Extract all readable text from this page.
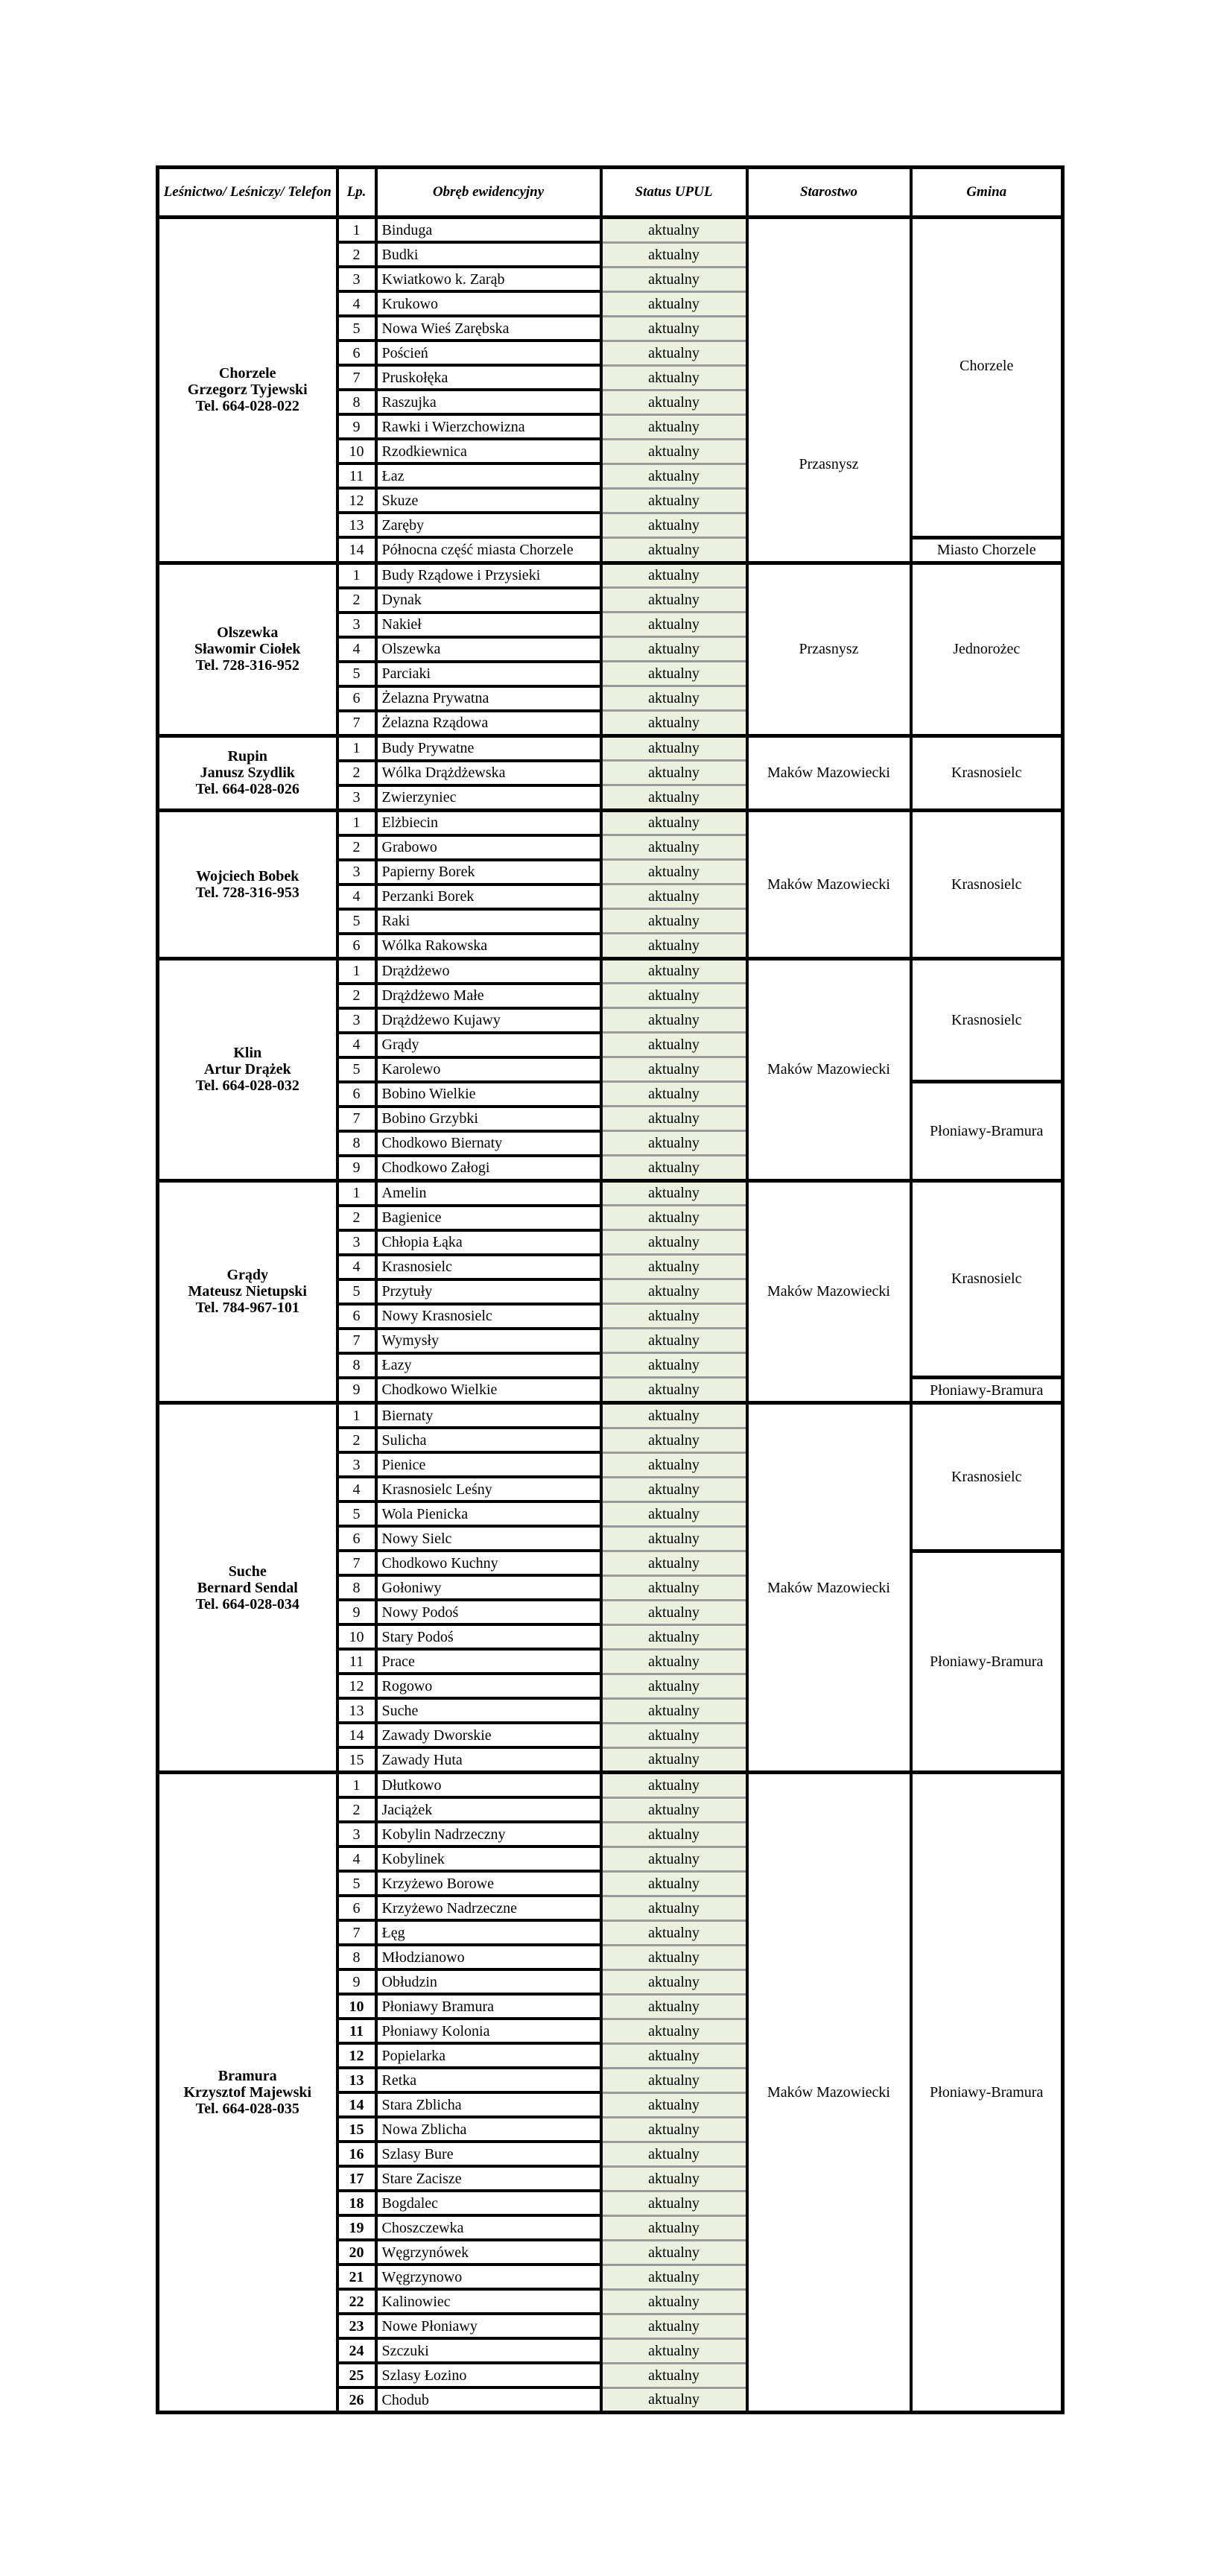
Leśnictwo/ Leśniczy/ Telefon	Lp.	Obręb ewidencyjny	Status UPUL	Starostwo	Gmina

Chorzele
Grzegorz Tyjewski
Tel. 664-028-022	1	Binduga	aktualny	Przasnysz	Chorzele
	2	Budki	aktualny		
	3	Kwiatkowo k. Zarąb	aktualny		
	4	Krukowo	aktualny		
	5	Nowa Wieś Zarębska	aktualny		
	6	Poścień	aktualny		
	7	Pruskołęka	aktualny		
	8	Raszujka	aktualny		
	9	Rawki i Wierzchowizna	aktualny		
	10	Rzodkiewnica	aktualny		
	11	Łaz	aktualny		
	12	Skuze	aktualny		
	13	Zaręby	aktualny		
	14	Północna część miasta Chorzele	aktualny		Miasto Chorzele

Olszewka
Sławomir Ciołek
Tel. 728-316-952	1	Budy Rządowe i Przysieki	aktualny	Przasnysz	Jednorożec
	2	Dynak	aktualny		
	3	Nakieł	aktualny		
	4	Olszewka	aktualny		
	5	Parciaki	aktualny		
	6	Żelazna Prywatna	aktualny		
	7	Żelazna Rządowa	aktualny		

Rupin
Janusz Szydlik
Tel. 664-028-026	1	Budy Prywatne	aktualny	Maków Mazowiecki	Krasnosielc
	2	Wólka Drążdżewska	aktualny		
	3	Zwierzyniec	aktualny		

Wojciech Bobek
Tel. 728-316-953	1	Elżbiecin	aktualny	Maków Mazowiecki	Krasnosielc
	2	Grabowo	aktualny		
	3	Papierny Borek	aktualny		
	4	Perzanki Borek	aktualny		
	5	Raki	aktualny		
	6	Wólka Rakowska	aktualny		

Klin
Artur Drążek
Tel. 664-028-032	1	Drążdżewo	aktualny	Maków Mazowiecki	Krasnosielc
	2	Drążdżewo Małe	aktualny		
	3	Drążdżewo Kujawy	aktualny		
	4	Grądy	aktualny		
	5	Karolewo	aktualny		
	6	Bobino Wielkie	aktualny		Płoniawy-Bramura
	7	Bobino Grzybki	aktualny		
	8	Chodkowo Biernaty	aktualny		
	9	Chodkowo Załogi	aktualny		

Grądy
Mateusz Nietupski
Tel. 784-967-101	1	Amelin	aktualny	Maków Mazowiecki	Krasnosielc
	2	Bagienice	aktualny		
	3	Chłopia Łąka	aktualny		
	4	Krasnosielc	aktualny		
	5	Przytuły	aktualny		
	6	Nowy Krasnosielc	aktualny		
	7	Wymysły	aktualny		
	8	Łazy	aktualny		
	9	Chodkowo Wielkie	aktualny		Płoniawy-Bramura

Suche
Bernard Sendal
Tel. 664-028-034	1	Biernaty	aktualny	Maków Mazowiecki	Krasnosielc
	2	Sulicha	aktualny		
	3	Pienice	aktualny		
	4	Krasnosielc Leśny	aktualny		
	5	Wola Pienicka	aktualny		
	6	Nowy Sielc	aktualny		
	7	Chodkowo Kuchny	aktualny		Płoniawy-Bramura
	8	Gołoniwy	aktualny		
	9	Nowy Podoś	aktualny		
	10	Stary Podoś	aktualny		
	11	Prace	aktualny		
	12	Rogowo	aktualny		
	13	Suche	aktualny		
	14	Zawady Dworskie	aktualny		
	15	Zawady Huta	aktualny		

Bramura
Krzysztof Majewski
Tel. 664-028-035	1	Dłutkowo	aktualny	Maków Mazowiecki	Płoniawy-Bramura
	2	Jaciążek	aktualny		
	3	Kobylin Nadrzeczny	aktualny		
	4	Kobylinek	aktualny		
	5	Krzyżewo Borowe	aktualny		
	6	Krzyżewo Nadrzeczne	aktualny		
	7	Łęg	aktualny		
	8	Młodzianowo	aktualny		
	9	Obłudzin	aktualny		
	10	Płoniawy Bramura	aktualny		
	11	Płoniawy Kolonia	aktualny		
	12	Popielarka	aktualny		
	13	Retka	aktualny		
	14	Stara Zblicha	aktualny		
	15	Nowa Zblicha	aktualny		
	16	Szlasy Bure	aktualny		
	17	Stare Zacisze	aktualny		
	18	Bogdalec	aktualny		
	19	Choszczewka	aktualny		
	20	Węgrzynówek	aktualny		
	21	Węgrzynowo	aktualny		
	22	Kalinowiec	aktualny		
	23	Nowe Płoniawy	aktualny		
	24	Szczuki	aktualny		
	25	Szlasy Łozino	aktualny		
	26	Chodub	aktualny		
